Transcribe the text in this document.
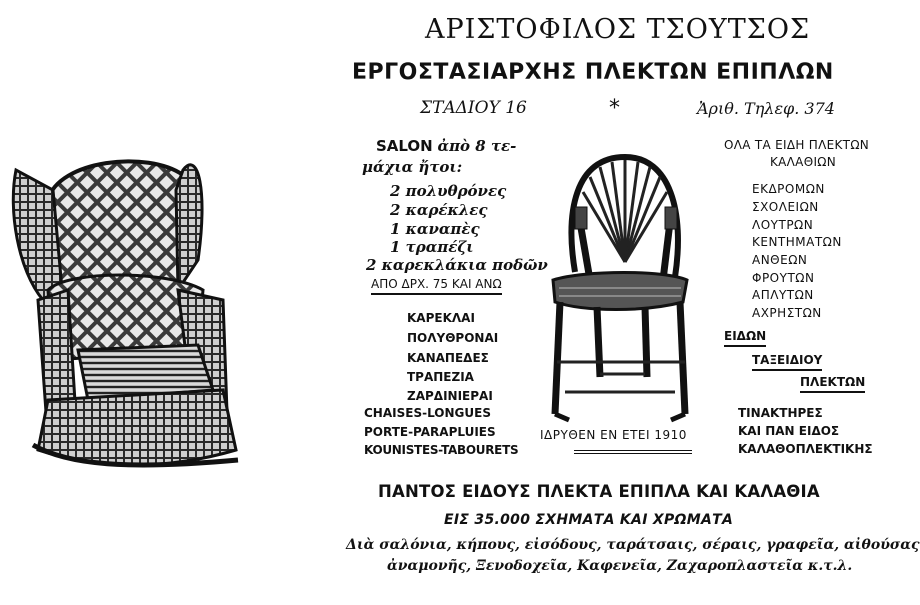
ΑΡΙΣΤΟΦΙΛΟΣ ΤΣΟΥΤΣΟΣ
ΕΡΓΟΣΤΑΣΙΑΡΧΗΣ ΠΛΕΚΤΩΝ ΕΠΙΠΛΩΝ
ΣΤΑΔΙΟΥ 16	*	Ἀριθ. Τηλεφ. 374
SALON ἀπὸ 8 τε-
μάχια ἤτοι:
2 πολυθρόνες
2 καρέκλες
1 καναπὲς
1 τραπέζι
2 καρεκλάκια ποδῶν
ΑΠΟ ΔΡΧ. 75 ΚΑΙ ΑΝΩ
ΚΑΡΕΚΛΑΙ
ΠΟΛΥΘΡΟΝΑΙ
ΚΑΝΑΠΕΔΕΣ
ΤΡΑΠΕΖΙΑ
ΖΑΡΔΙΝΙΕΡΑΙ
CHAISES-LONGUES
PORTE-PARAPLUIES
KOUNISTES-TABOURETS
ΙΔΡΥΘΕΝ ΕΝ ΕΤΕΙ 1910
ΟΛΑ ΤΑ ΕΙΔΗ ΠΛΕΚΤΩΝ
ΚΑΛΑΘΙΩΝ
ΕΚΔΡΟΜΩΝ
ΣΧΟΛΕΙΩΝ
ΛΟΥΤΡΩΝ
ΚΕΝΤΗΜΑΤΩΝ
ΑΝΘΕΩΝ
ΦΡΟΥΤΩΝ
ΑΠΛΥΤΩΝ
ΑΧΡΗΣΤΩΝ
ΕΙΔΩΝ
ΤΑΞΕΙΔΙΟΥ
ΠΛΕΚΤΩΝ
ΤΙΝΑΚΤΗΡΕΣ
ΚΑΙ ΠΑΝ ΕΙΔΟΣ
ΚΑΛΑΘΟΠΛΕΚΤΙΚΗΣ
ΠΑΝΤΟΣ ΕΙΔΟΥΣ ΠΛΕΚΤΑ ΕΠΙΠΛΑ ΚΑΙ ΚΑΛΑΘΙΑ
ΕΙΣ 35.000 ΣΧΗΜΑΤΑ ΚΑΙ ΧΡΩΜΑΤΑ
Διὰ σαλόνια, κήπους, εἰσόδους, ταράτσαις, σέραις, γραφεῖα, αἰθούσας
ἀναμονῆς, Ξενοδοχεῖα, Καφενεῖα, Ζαχαροπλαστεῖα κ.τ.λ.
